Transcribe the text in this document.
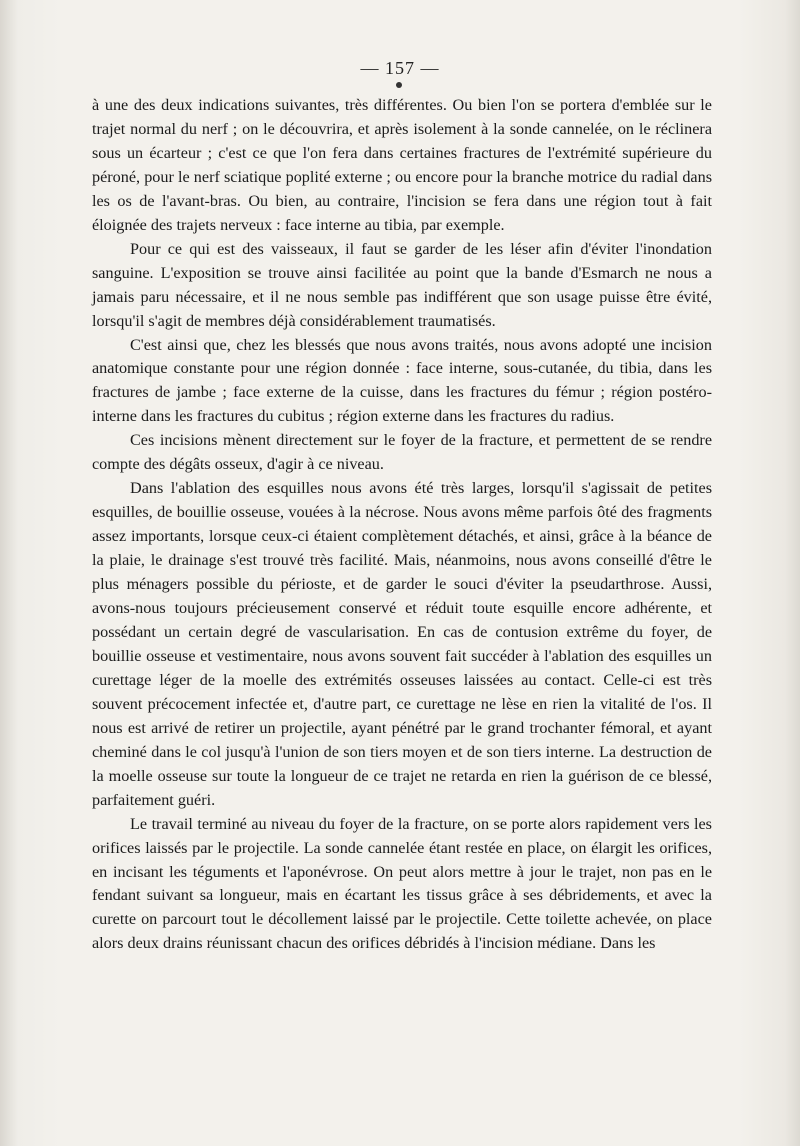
— 157 —

à une des deux indications suivantes, très différentes. Ou bien l'on se portera d'emblée sur le trajet normal du nerf ; on le découvrira, et après isolement à la sonde cannelée, on le réclinera sous un écarteur ; c'est ce que l'on fera dans certaines fractures de l'extrémité supérieure du péroné, pour le nerf sciatique poplité externe ; ou encore pour la branche motrice du radial dans les os de l'avant-bras. Ou bien, au contraire, l'incision se fera dans une région tout à fait éloignée des trajets nerveux : face interne au tibia, par exemple.

Pour ce qui est des vaisseaux, il faut se garder de les léser afin d'éviter l'inondation sanguine. L'exposition se trouve ainsi facilitée au point que la bande d'Esmarch ne nous a jamais paru nécessaire, et il ne nous semble pas indifférent que son usage puisse être évité, lorsqu'il s'agit de membres déjà considérablement traumatisés.

C'est ainsi que, chez les blessés que nous avons traités, nous avons adopté une incision anatomique constante pour une région donnée : face interne, sous-cutanée, du tibia, dans les fractures de jambe ; face externe de la cuisse, dans les fractures du fémur ; région postéro-interne dans les fractures du cubitus ; région externe dans les fractures du radius.

Ces incisions mènent directement sur le foyer de la fracture, et permettent de se rendre compte des dégâts osseux, d'agir à ce niveau.

Dans l'ablation des esquilles nous avons été très larges, lorsqu'il s'agissait de petites esquilles, de bouillie osseuse, vouées à la nécrose. Nous avons même parfois ôté des fragments assez importants, lorsque ceux-ci étaient complètement détachés, et ainsi, grâce à la béance de la plaie, le drainage s'est trouvé très facilité. Mais, néanmoins, nous avons conseillé d'être le plus ménagers possible du périoste, et de garder le souci d'éviter la pseudarthrose. Aussi, avons-nous toujours précieusement conservé et réduit toute esquille encore adhérente, et possédant un certain degré de vascularisation. En cas de contusion extrême du foyer, de bouillie osseuse et vestimentaire, nous avons souvent fait succéder à l'ablation des esquilles un curettage léger de la moelle des extrémités osseuses laissées au contact. Celle-ci est très souvent précocement infectée et, d'autre part, ce curettage ne lèse en rien la vitalité de l'os. Il nous est arrivé de retirer un projectile, ayant pénétré par le grand trochanter fémoral, et ayant cheminé dans le col jusqu'à l'union de son tiers moyen et de son tiers interne. La destruction de la moelle osseuse sur toute la longueur de ce trajet ne retarda en rien la guérison de ce blessé, parfaitement guéri.

Le travail terminé au niveau du foyer de la fracture, on se porte alors rapidement vers les orifices laissés par le projectile. La sonde cannelée étant restée en place, on élargit les orifices, en incisant les téguments et l'aponévrose. On peut alors mettre à jour le trajet, non pas en le fendant suivant sa longueur, mais en écartant les tissus grâce à ses débridements, et avec la curette on parcourt tout le décollement laissé par le projectile. Cette toilette achevée, on place alors deux drains réunissant chacun des orifices débridés à l'incision médiane. Dans les
